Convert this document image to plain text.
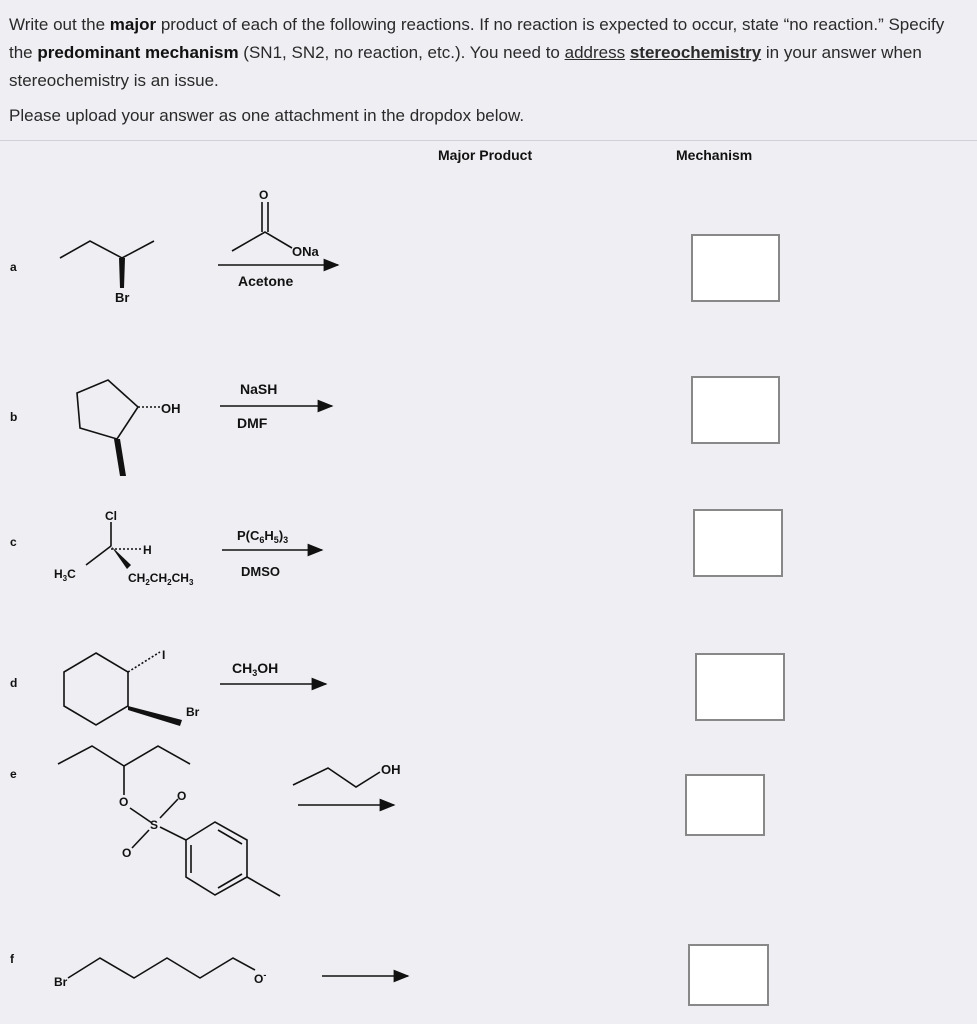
Write out the major product of each of the following reactions. If no reaction is expected to occur, state “no reaction.” Specify the predominant mechanism (SN1, SN2, no reaction, etc.). You need to address stereochemistry in your answer when stereochemistry is an issue.

Please upload your answer as one attachment in the dropdox below.
Major Product	Mechanism
a
b
c
d
e
f
O
ONa
Acetone
Br
OH
NaSH
DMF
Cl
H
$H_3C$	$CH_2CH_2CH_3$
$P(C_6H_5)_3$
DMSO
I
Br
$CH_3OH$
OH
O
S
O
O
Br	O-
